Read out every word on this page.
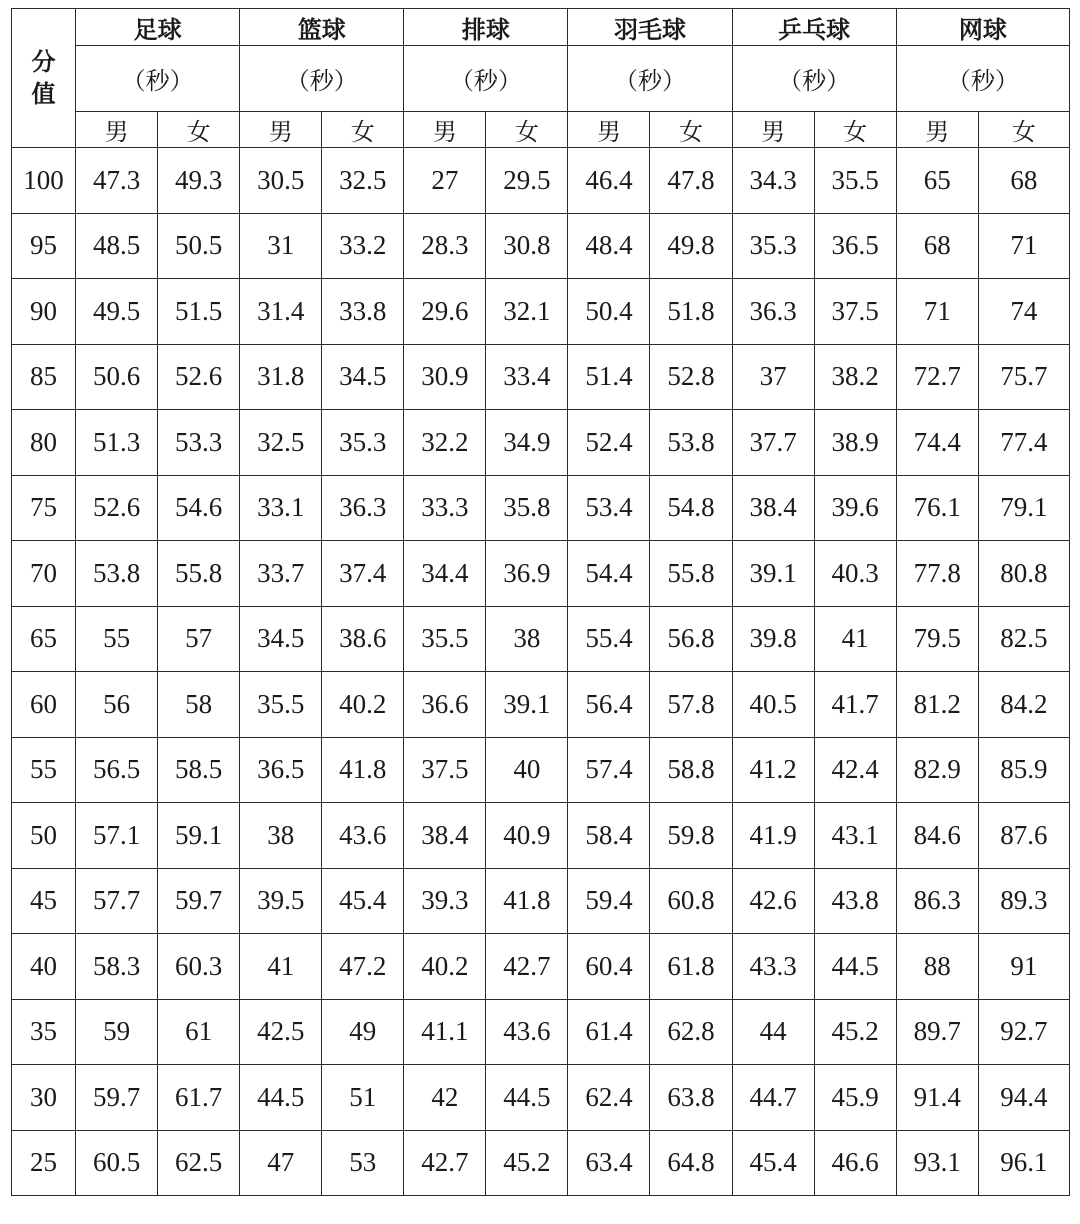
分
值	足球		篮球		排球		羽毛球		乒乓球		网球	
	（秒）		（秒）		（秒）		（秒）		（秒）		（秒）	
	男	女	男	女	男	女	男	女	男	女	男	女
100	47.3	49.3	30.5	32.5	27	29.5	46.4	47.8	34.3	35.5	65	68
95	48.5	50.5	31	33.2	28.3	30.8	48.4	49.8	35.3	36.5	68	71
90	49.5	51.5	31.4	33.8	29.6	32.1	50.4	51.8	36.3	37.5	71	74
85	50.6	52.6	31.8	34.5	30.9	33.4	51.4	52.8	37	38.2	72.7	75.7
80	51.3	53.3	32.5	35.3	32.2	34.9	52.4	53.8	37.7	38.9	74.4	77.4
75	52.6	54.6	33.1	36.3	33.3	35.8	53.4	54.8	38.4	39.6	76.1	79.1
70	53.8	55.8	33.7	37.4	34.4	36.9	54.4	55.8	39.1	40.3	77.8	80.8
65	55	57	34.5	38.6	35.5	38	55.4	56.8	39.8	41	79.5	82.5
60	56	58	35.5	40.2	36.6	39.1	56.4	57.8	40.5	41.7	81.2	84.2
55	56.5	58.5	36.5	41.8	37.5	40	57.4	58.8	41.2	42.4	82.9	85.9
50	57.1	59.1	38	43.6	38.4	40.9	58.4	59.8	41.9	43.1	84.6	87.6
45	57.7	59.7	39.5	45.4	39.3	41.8	59.4	60.8	42.6	43.8	86.3	89.3
40	58.3	60.3	41	47.2	40.2	42.7	60.4	61.8	43.3	44.5	88	91
35	59	61	42.5	49	41.1	43.6	61.4	62.8	44	45.2	89.7	92.7
30	59.7	61.7	44.5	51	42	44.5	62.4	63.8	44.7	45.9	91.4	94.4
25	60.5	62.5	47	53	42.7	45.2	63.4	64.8	45.4	46.6	93.1	96.1
